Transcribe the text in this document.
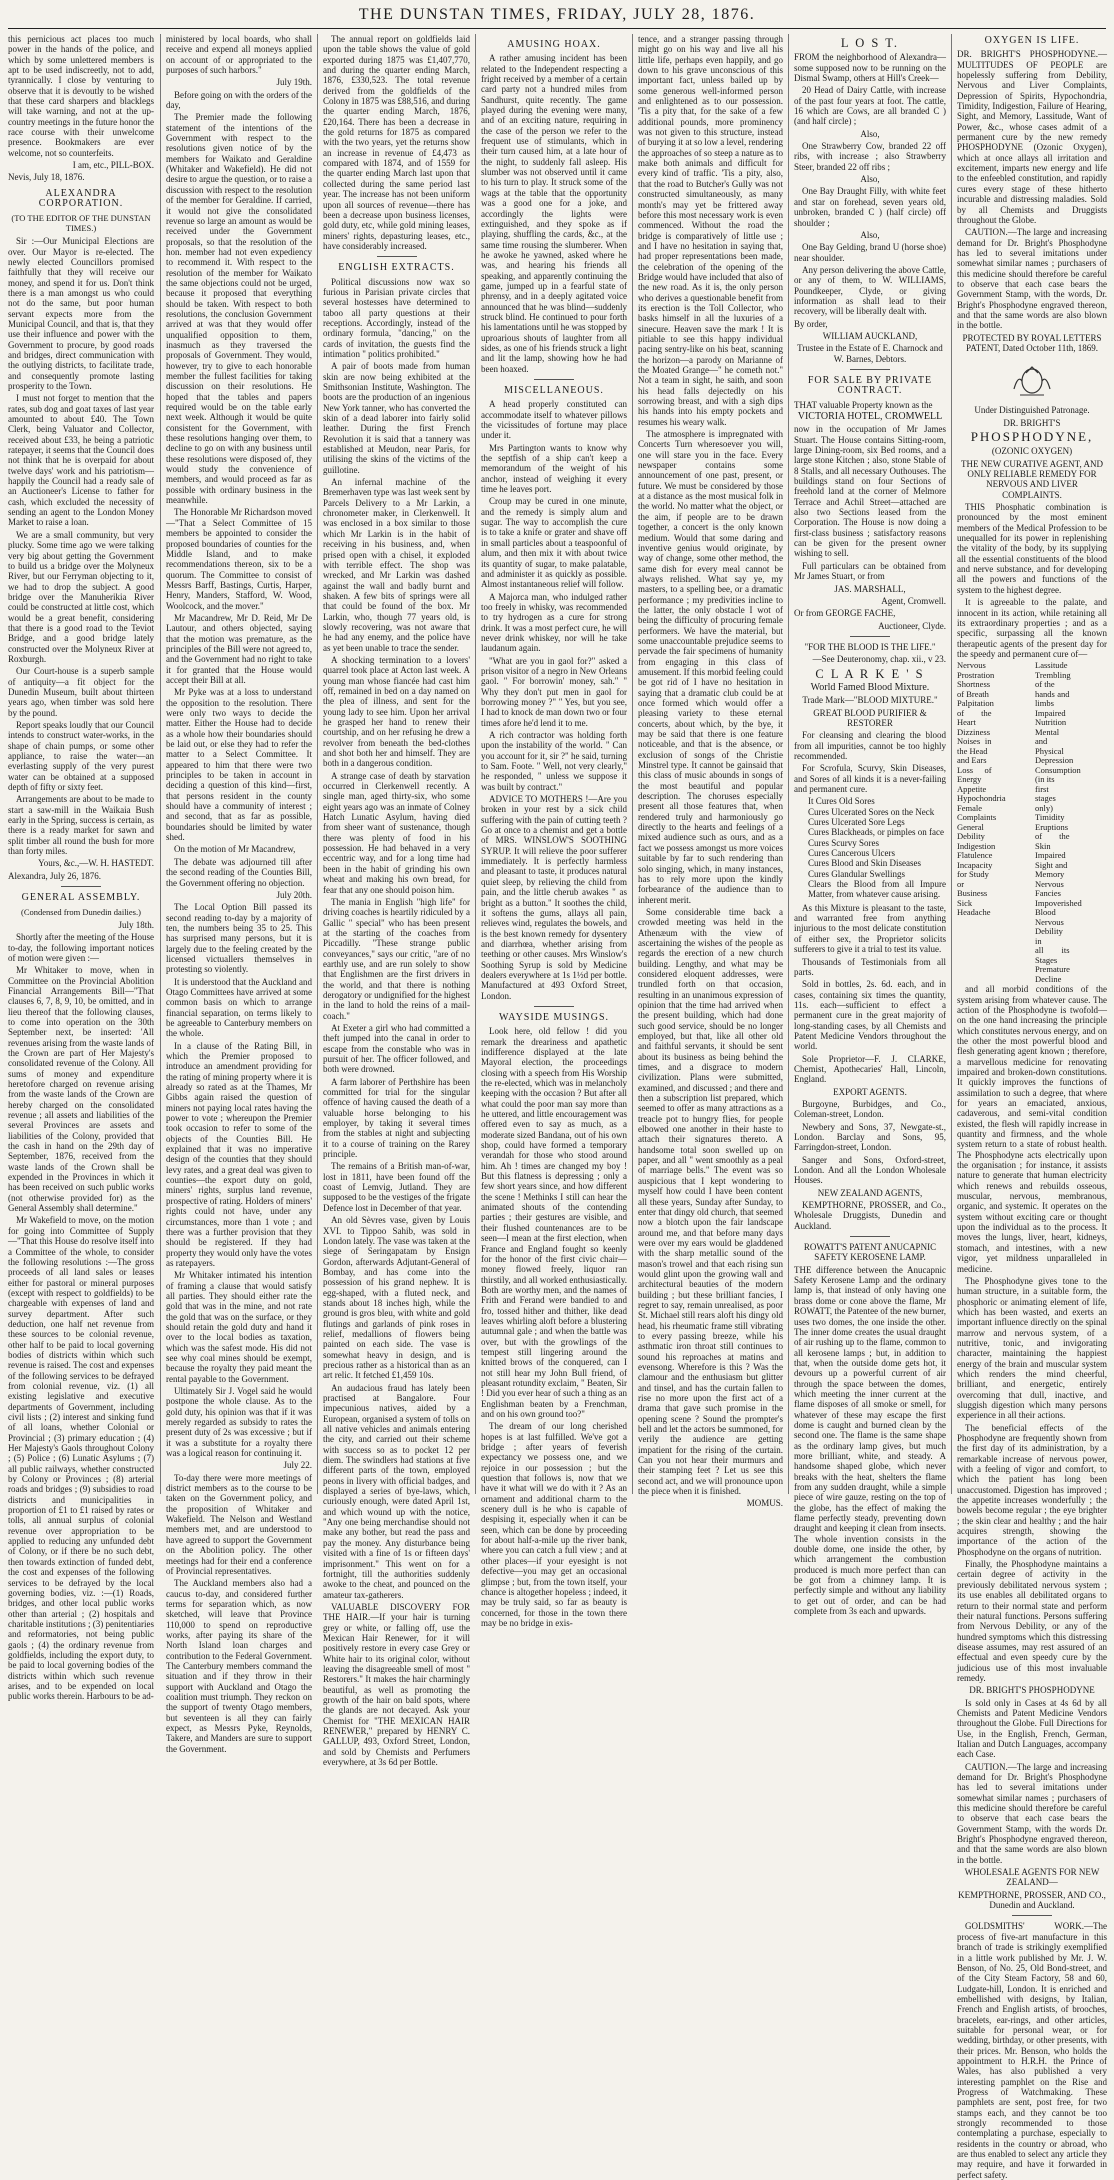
THE DUNSTAN TIMES, FRIDAY, JULY 28, 1876.

this pernicious act places too much power in the hands of the police, and which by some unlettered members is apt to be used indiscreetly, not to add, tyrannically. I close by venturing to observe that it is devoutly to be wished that these card sharpers and blacklegs will take warning, and not at the up-country meetings in the future honor the race course with their unwelcome presence. Bookmakers are ever welcome, not so counterfeits.

I am, etc., PILL-BOX.

Nevis, July 18, 1876.

ALEXANDRA CORPORATION.
(TO THE EDITOR OF THE DUNSTAN TIMES.)

Sir :—Our Municipal Elections are over. Our Mayor is re-elected. The newly elected Councillors promised faithfully that they will receive our money, and spend it for us. Don't think there is a man amongst us who could not do the same, but poor human servant expects more from the Municipal Council, and that is, that they use their influence and power with the Government to procure, by good roads and bridges, direct communication with the outlying districts, to facilitate trade, and consequently promote lasting prosperity to the Town.

I must not forget to mention that the rates, sub dog and goat taxes of last year amounted to about £40. The Town Clerk, being Valuator and Collector, received about £33, he being a patriotic ratepayer, it seems that the Council does not think that he is overpaid for about twelve days' work and his patriotism—happily the Council had a ready sale of an Auctioneer's License to father for cash, which excluded the necessity of sending an agent to the London Money Market to raise a loan.

We are a small community, but very plucky. Some time ago we were talking very big about getting the Government to build us a bridge over the Molyneux River, but our Ferryman objecting to it, we had to drop the subject. A good bridge over the Manuherikia River could be constructed at little cost, which would be a great benefit, considering that there is a good road to the Teviot Bridge, and a good bridge lately constructed over the Molyneux River at Roxburgh.

Our Court-house is a superb sample of antiquity—a fit object for the Dunedin Museum, built about thirteen years ago, when timber was sold here by the pound.

Report speaks loudly that our Council intends to construct water-works, in the shape of chain pumps, or some other appliance, to raise the water—an everlasting supply of the very purest water can be obtained at a supposed depth of fifty or sixty feet.

Arrangements are about to be made to start a saw-mill in the Waikaia Bush early in the Spring, success is certain, as there is a ready market for sawn and split timber all round the bush for more than forty miles.

Yours, &c.,—W. H. HASTEDT.

Alexandra, July 26, 1876.

GENERAL ASSEMBLY.
(Condensed from Dunedin dailies.)

July 18th.

Shortly after the meeting of the House to-day, the following important notices of motion were given :—

Mr Whitaker to move, when in Committee on the Provincial Abolition Financial Arrangements Bill—"That clauses 6, 7, 8, 9, 10, be omitted, and in lieu thereof that the following clauses, to come into operation on the 30th September next, be inserted: 'All revenues arising from the waste lands of the Crown are part of Her Majesty's consolidated revenue of the Colony. All sums of money and expenditure heretofore charged on revenue arising from the waste lands of the Crown are hereby charged on the consolidated revenue ; all assets and liabilities of the several Provinces are assets and liabilities of the Colony, provided that the cash in hand on the 29th day of September, 1876, received from the waste lands of the Crown shall be expended in the Provinces in which it has been received on such public works (not otherwise provided for) as the General Assembly shall determine."

Mr Wakefield to move, on the motion for going into Committee of Supply—"That this House do resolve itself into a Committee of the whole, to consider the following resolutions :—The gross proceeds of all land sales or leases either for pastoral or mineral purposes (except with respect to goldfields) to be chargeable with expenses of land and survey department. After such deduction, one half net revenue from these sources to be colonial revenue, other half to be paid to local governing bodies of districts within which such revenue is raised. The cost and expenses of the following services to be defrayed from colonial revenue, viz. (1) all existing legislative and executive departments of Government, including civil lists ; (2) interest and sinking fund of all loans, whether Colonial or Provincial ; (3) primary education ; (4) Her Majesty's Gaols throughout Colony ; (5) Police ; (6) Lunatic Asylums ; (7) all public railways, whether constructed by Colony or Provinces ; (8) arterial roads and bridges ; (9) subsidies to road districts and municipalities in proportion of £1 to £1 raised by rates or tolls, all annual surplus of colonial revenue over appropriation to be applied to reducing any unfunded debt of Colony, or if there be no such debt, then towards extinction of funded debt, the cost and expenses of the following services to be defrayed by the local governing bodies, viz. :—(1) Roads, bridges, and other local public works other than arterial ; (2) hospitals and charitable institutions ; (3) penitentiaries and reformatories, not being public gaols ; (4) the ordinary revenue from goldfields, including the export duty, to be paid to local governing bodies of the districts within which such revenue arises, and to be expended on local public works therein. Harbours to be ad-

ministered by local boards, who shall receive and expend all moneys applied on account of or appropriated to the purposes of such harbors."

July 19th.

Before going on with the orders of the day,

The Premier made the following statement of the intentions of the Government with respect to the resolutions given notice of by the members for Waikato and Geraldine (Whitaker and Wakefield). He did not desire to argue the question, or to raise a discussion with respect to the resolution of the member for Geraldine. If carried, it would not give the consolidated revenue so large an amount as would be received under the Government proposals, so that the resolution of the hon. member had not even expediency to recommend it. With respect to the resolution of the member for Waikato the same objections could not be urged, because it proposed that everything should be taken. With respect to both resolutions, the conclusion Government arrived at was that they would offer unqualified opposition to them, inasmuch as they traversed the proposals of Government. They would, however, try to give to each honorable member the fullest facilities for taking discussion on their resolutions. He hoped that the tables and papers required would be on the table early next week. Although it would be quite consistent for the Government, with these resolutions hanging over them, to decline to go on with any business until these resolutions were disposed of, they would study the convenience of members, and would proceed as far as possible with ordinary business in the meanwhile.

The Honorable Mr Richardson moved—"That a Select Committee of 15 members be appointed to consider the proposed boundaries of counties for the Middle Island, and to make recommendations thereon, six to be a quorum. The Committee to consist of Messrs Barff, Bastings, Curtis, Harper, Henry, Manders, Stafford, W. Wood, Woolcock, and the mover."

Mr Macandrew, Mr D. Reid, Mr De Lautour, and others objected, saying that the motion was premature, as the principles of the Bill were not agreed to, and the Government had no right to take it for granted that the House would accept their Bill at all.

Mr Pyke was at a loss to understand the opposition to the resolution. There were only two ways to decide the matter. Either the House had to decide as a whole how their boundaries should be laid out, or else they had to refer the matter to a Select Committee. It appeared to him that there were two principles to be taken in account in deciding a question of this kind—first, that persons resident in the county should have a community of interest ; and second, that as far as possible, boundaries should be limited by water shed.

On the motion of Mr Macandrew,

The debate was adjourned till after the second reading of the Counties Bill, the Government offering no objection.

July 20th.

The Local Option Bill passed its second reading to-day by a majority of ten, the numbers being 35 to 25. This has surprised many persons, but it is largely due to the feeling created by the licensed victuallers themselves in protesting so violently.

It is understood that the Auckland and Otago Committees have arrived at some common basis on which to arrange financial separation, on terms likely to be agreeable to Canterbury members on the whole.

In a clause of the Rating Bill, in which the Premier proposed to introduce an amendment providing for the rating of mining property where it is already so rated as at the Thames, Mr Gibbs again raised the question of miners not paying local rates having the power to vote ; whereupon the Premier took occasion to refer to some of the objects of the Counties Bill. He explained that it was no imperative design of the counties that they should levy rates, and a great deal was given to counties—the export duty on gold, miners' rights, surplus land revenue, prospective of rating. Holders of miners' rights could not have, under any circumstances, more than 1 vote ; and there was a further provision that they should be registered. If they had property they would only have the votes as ratepayers.

Mr Whitaker intimated his intention of framing a clause that would satisfy all parties. They should either rate the gold that was in the mine, and not rate the gold that was on the surface, or they should retain the gold duty and hand it over to the local bodies as taxation, which was the safest mode. His did not see why coal mines should be exempt, because the royalty they paid meant the rental payable to the Government.

Ultimately Sir J. Vogel said he would postpone the whole clause. As to the gold duty, his opinion was that if it was merely regarded as subsidy to rates the present duty of 2s was excessive ; but if it was a substitute for a royalty there was a logical reason for continuing it.

July 22.

To-day there were more meetings of district members as to the course to be taken on the Government policy, and the proposition of Whitaker and Wakefield. The Nelson and Westland members met, and are understood to have agreed to support the Government on the Abolition policy. The other meetings had for their end a conference of Provincial representatives.

The Auckland members also had a caucus to-day, and considered further terms for separation which, as now sketched, will leave that Province 110,000 to spend on reproductive works, after paying its share of the North Island loan charges and contribution to the Federal Government. The Canterbury members command the situation and if they throw in their support with Auckland and Otago the coalition must triumph. They reckon on the support of twenty Otago members, but seventeen is all they can fairly expect, as Messrs Pyke, Reynolds, Takere, and Manders are sure to support the Government.

The annual report on goldfields laid upon the table shows the value of gold exported during 1875 was £1,407,770, and during the quarter ending March, 1876, £330,523. The total revenue derived from the goldfields of the Colony in 1875 was £88,516, and during the quarter ending March, 1876, £20,164. There has been a decrease in the gold returns for 1875 as compared with the two years, yet the returns show an increase in revenue of £4,473 as compared with 1874, and of 1559 for the quarter ending March last upon that collected during the same period last year. The increase has not been uniform upon all sources of revenue—there has been a decrease upon business licenses, gold duty, etc, while gold mining leases, miners' rights, depasturing leases, etc., have considerably increased.

ENGLISH EXTRACTS.

Political discussions now wax so furious in Parisian private circles that several hostesses have determined to taboo all party questions at their receptions. Accordingly, instead of the ordinary formula, "dancing," on the cards of invitation, the guests find the intimation " politics prohibited."

A pair of boots made from human skin are now being exhibited at the Smithsonian Institute, Washington. The boots are the production of an ingenious New York tanner, who has converted the skin of a dead laborer into fairly solid leather. During the first French Revolution it is said that a tannery was established at Meudon, near Paris, for utilising the skins of the victims of the guillotine.

An infernal machine of the Bremerhaven type was last week sent by Parcels Delivery to a Mr Larkin, a chronometer maker, in Clerkenwell. It was enclosed in a box similar to those which Mr Larkin is in the habit of receiving in his business, and, when prised open with a chisel, it exploded with terrible effect. The shop was wrecked, and Mr Larkin was dashed against the wall and badly burnt and shaken. A few bits of springs were all that could be found of the box. Mr Larkin, who, though 77 years old, is slowly recovering, was not aware that he had any enemy, and the police have as yet been unable to trace the sender.

A shocking termination to a lovers' quarrel took place at Acton last week. A young man whose fiancée had cast him off, remained in bed on a day named on the plea of illness, and sent for the young lady to see him. Upon her arrival he grasped her hand to renew their courtship, and on her refusing he drew a revolver from beneath the bed-clothes and shot both her and himself. They are both in a dangerous condition.

A strange case of death by starvation occurred in Clerkenwell recently. A single man, aged thirty-six, who some eight years ago was an inmate of Colney Hatch Lunatic Asylum, having died from sheer want of sustenance, though there was plenty of food in his possession. He had behaved in a very eccentric way, and for a long time had been in the habit of grinding his own wheat and making his own bread, for fear that any one should poison him.

The mania in English "high life" for driving coaches is heartily ridiculed by a Gallic " special" who has been present at the starting of the coaches from Piccadilly. "These strange public conveyances," says our critic, "are of no earthly use, and are run solely to show that Englishmen are the first drivers in the world, and that there is nothing derogatory or undignified for the highest in the land to hold the reins of a mail-coach."

At Exeter a girl who had committed a theft jumped into the canal in order to escape from the constable who was in pursuit of her. The officer followed, and both were drowned.

A farm laborer of Perthshire has been committed for trial for the singular offence of having caused the death of a valuable horse belonging to his employer, by taking it several times from the stables at night and subjecting it to a course of training on the Rarey principle.

The remains of a British man-of-war, lost in 1811, have been found off the coast of Lemvig, Jutland. They are supposed to be the vestiges of the frigate Defence lost in December of that year.

An old Sèvres vase, given by Louis XVI. to Tippoo Sahib, was sold in London lately. The vase was taken at the siege of Seringapatam by Ensign Gordon, afterwards Adjutant-General of Bombay, and has come into the possession of his grand nephew. It is egg-shaped, with a fluted neck, and stands about 18 inches high, while the ground is gros bleu, with white and gold flutings and garlands of pink roses in relief, medallions of flowers being painted on each side. The vase is somewhat heavy in design, and is precious rather as a historical than as an art relic. It fetched £1,459 10s.

An audacious fraud has lately been practised at Bangalore. Four impecunious natives, aided by a European, organised a system of tolls on all native vehicles and animals entering the city, and carried out their scheme with success so as to pocket 12 per diem. The swindlers had stations at five different parts of the town, employed peons in livery with official badges, and displayed a series of bye-laws, which, curiously enough, were dated April 1st, and which wound up with the notice, "Any one being merchandise should not make any bother, but read the pass and pay the money. Any disturbance being visited with a fine of 1s or fifteen days' imprisonment." This went on for a fortnight, till the authorities suddenly awoke to the cheat, and pounced on the amateur tax-gatherers.

VALUABLE DISCOVERY FOR THE HAIR.—If your hair is turning grey or white, or falling off, use the Mexican Hair Renewer, for it will positively restore in every case Grey or White hair to its original color, without leaving the disagreeable smell of most " Restorers." It makes the hair charmingly beautiful, as well as promoting the growth of the hair on bald spots, where the glands are not decayed. Ask your Chemist for "THE MEXICAN HAIR RENEWER," prepared by HENRY C. GALLUP, 493, Oxford Street, London, and sold by Chemists and Perfumers everywhere, at 3s 6d per Bottle.

AMUSING HOAX.

A rather amusing incident has been related to the Independent respecting a fright received by a member of a certain card party not a hundred miles from Sandhurst, quite recently. The game played during the evening were many, and of an exciting nature, requiring in the case of the person we refer to the frequent use of stimulants, which in their turn caused him, at a late hour of the night, to suddenly fall asleep. His slumber was not observed until it came to his turn to play. It struck some of the wags at the table that the opportunity was a good one for a joke, and accordingly the lights were extinguished, and they spoke as if playing, shuffling the cards, &c., at the same time rousing the slumberer. When he awoke he yawned, asked where he was, and hearing his friends all speaking, and apparently continuing the game, jumped up in a fearful state of phrensy, and in a deeply agitated voice announced that he was blind—suddenly struck blind. He continued to pour forth his lamentations until he was stopped by uproarious shouts of laughter from all sides, as one of his friends struck a light and lit the lamp, showing how he had been hoaxed.

MISCELLANEOUS.

A head properly constituted can accommodate itself to whatever pillows the vicissitudes of fortune may place under it.

Mrs Partington wants to know why the septfish of a ship can't keep a memorandum of the weight of his anchor, instead of weighing it every time he leaves port.

Croup may be cured in one minute, and the remedy is simply alum and sugar. The way to accomplish the cure is to take a knife or grater and shave off in small particles about a teaspoonful of alum, and then mix it with about twice its quantity of sugar, to make palatable, and administer it as quickly as possible. Almost instantaneous relief will follow.

A Majorca man, who indulged rather too freely in whisky, was recommended to try hydrogen as a cure for strong drink. It was a most perfect cure, he will never drink whiskey, nor will he take laudanum again.

"What are you in gaol for?" asked a prison visitor of a negro in New Orleans gaol. " For borrowin' money, sah." " Why they don't put men in gaol for borrowing money ?" " Yes, but you see, I had to knock de man down two or four times afore he'd lend it to me.

A rich contractor was holding forth upon the instability of the world. " Can you account for it, sir ?" he said, turning to Sam. Foote. " Well, not very clearly," he responded, " unless we suppose it was built by contract."

ADVICE TO MOTHERS !—Are you broken in your rest by a sick child suffering with the pain of cutting teeth ? Go at once to a chemist and get a bottle of MRS. WINSLOW'S SOOTHING SYRUP. It will relieve the poor sufferer immediately. It is perfectly harmless and pleasant to taste, it produces natural quiet sleep, by relieving the child from pain, and the little cherub awakes " as bright as a button." It soothes the child, it softens the gums, allays all pain, relieves wind, regulates the bowels, and is the best known remedy for dysentery and diarrhœa, whether arising from teething or other causes. Mrs Winslow's Soothing Syrup is sold by Medicine dealers everywhere at 1s 1½d per bottle. Manufactured at 493 Oxford Street, London.

WAYSIDE MUSINGS.

Look here, old fellow ! did you remark the dreariness and apathetic indifference displayed at the late Mayoral election, the proceedings closing with a speech from His Worship the re-elected, which was in melancholy keeping with the occasion ? But after all what could the poor man say more than he uttered, and little encouragement was offered even to say as much, as a moderate sized Bandana, out of his own shop, could have formed a temporary verandah for those who stood around him. Ah ! times are changed my boy ! But this flatness is depressing ; only a few short years since, and how different the scene ! Methinks I still can hear the animated shouts of the contending parties ; their gestures are visible, and their flushed countenances are to be seen—I mean at the first election, when France and England fought so keenly for the honor of the first civic chair—money flowed freely, liquor ran thirstily, and all worked enthusiastically. Both are worthy men, and the names of Frith and Ferand were bandied to and fro, tossed hither and thither, like dead leaves whirling aloft before a blustering autumnal gale ; and when the battle was over, but with the growlings of the tempest still lingering around the knitted brows of the conquered, can I not still hear my John Bull friend, of pleasant rotundity exclaim, " Beaten, Sir ! Did you ever hear of such a thing as an Englishman beaten by a Frenchman, and on his own ground too?"

The dream of our long cherished hopes is at last fulfilled. We've got a bridge ; after years of feverish expectancy we possess one, and we rejoice in our possession ; but the question that follows is, now that we have it what will we do with it ? As an ornament and additional charm to the scenery dull is he who is capable of despising it, especially when it can be seen, which can be done by proceeding for about half-a-mile up the river bank, where you can catch a full view ; and at other places—if your eyesight is not defective—you may get an occasional glimpse ; but, from the town itself, your chance is altogether hopeless ; indeed, it may be truly said, so far as beauty is concerned, for those in the town there may be no bridge in exis-

tence, and a stranger passing through might go on his way and live all his little life, perhaps even happily, and go down to his grave unconscious of this important fact, unless bailed up by some generous well-informed person and enlightened as to our possession. 'Tis a pity that, for the sake of a few additional pounds, more prominency was not given to this structure, instead of burying it at so low a level, rendering the approaches of so steep a nature as to make both animals and difficult for every kind of traffic. 'Tis a pity, also, that the road to Butcher's Gully was not constructed simultaneously, as many month's may yet be frittered away before this most necessary work is even commenced. Without the road the bridge is comparatively of little use ; and I have no hesitation in saying that, had proper representations been made, the celebration of the opening of the Bridge would have included that also of the new road. As it is, the only person who derives a questionable benefit from its erection is the Toll Collector, who basks himself in all the luxuries of a sinecure. Heaven save the mark ! It is pitiable to see this happy individual pacing sentry-like on his beat, scanning the horizon—a parody on Marianne of the Moated Grange—" he cometh not." Not a team in sight, he saith, and soon his head falls dejectedly on his sorrowing breast, and with a sigh dips his hands into his empty pockets and resumes his weary walk.

The atmosphere is impregnated with Concerts Turn wheresoever you will, one will stare you in the face. Every newspaper contains some announcement of one past, present, or future. We must be considered by those at a distance as the most musical folk in the world. No matter what the object, or the aim, if people are to be drawn together, a concert is the only known medium. Would that some daring and inventive genius would originate, by way of change, some other method, the same dish for every meal cannot be always relished. What say ye, my masters, to a spelling bee, or a dramatic performance ; my predivities incline to the latter, the only obstacle I wot of being the difficulty of procuring female performers. We have the material, but some unaccountable prejudice seems to pervade the fair specimens of humanity from engaging in this class of amusement. If this morbid feeling could be got rid of I have no hesitation in saying that a dramatic club could be at once formed which would offer a pleasing variety to these eternal concerts, about which, by the bye, it may be said that there is one feature noticeable, and that is the absence, or exclusion of songs of the Christie Minstrel type. It cannot be gainsaid that this class of music abounds in songs of the most beautiful and popular description. The choruses especially present all those features that, when rendered truly and harmoniously go directly to the hearts and feelings of a mixed audience such as ours, and as a fact we possess amongst us more voices suitable by far to such rendering than solo singing, which, in many instances, has to rely more upon the kindly forbearance of the audience than to inherent merit.

Some considerable time back a crowded meeting was held in the Athenæum with the view of ascertaining the wishes of the people as regards the erection of a new church building. Lengthy, and what may be considered eloquent addresses, were trundled forth on that occasion, resulting in an unanimous expression of opinion that the time had arrived when the present building, which had done such good service, should be no longer employed, but that, like all other old and faithful servants, it should be sent about its business as being behind the times, and a disgrace to modern civilization. Plans were submitted, examined, and discussed ; and there and then a subscription list prepared, which seemed to offer as many attractions as a treacle pot to hungry flies, for people elbowed one another in their haste to attach their signatures thereto. A handsome total soon swelled up on paper, and all " went smoothly as a peal of marriage bells." The event was so auspicious that I kept wondering to myself how could I have been content all these years, Sunday after Sunday, to enter that dingy old church, that seemed now a blotch upon the fair landscape around me, and that before many days were over my ears would be gladdened with the sharp metallic sound of the mason's trowel and that each rising sun would glint upon the growing wall and architectural beauties of the modern building ; but these brilliant fancies, I regret to say, remain unrealised, as poor St. Michael still rears aloft his dingy old head, his rheumatic frame still vibrating to every passing breeze, while his asthmatic iron throat still continues to sound his reproaches at matins and evensong. Wherefore is this ? Was the clamour and the enthusiasm but glitter and tinsel, and has the curtain fallen to rise no more upon the first act of a drama that gave such promise in the opening scene ? Sound the prompter's bell and let the actors be summoned, for verily the audience are getting impatient for the rising of the curtain. Can you not hear their murmurs and their stamping feet ? Let us see this second act, and we will pronounce upon the piece when it is finished.

MOMUS.

L O S T.

FROM the neighborhood of Alexandra—some supposed now to be running on the Dismal Swamp, others at Hill's Creek—

20 Head of Dairy Cattle, with increase of the past four years at foot. The cattle, 16 which are Cows, are all branded C ) (and half circle) ;

Also,

One Strawberry Cow, branded 22 off ribs, with increase ; also Strawberry Steer, branded 22 off ribs ;

Also,

One Bay Draught Filly, with white feet and star on forehead, seven years old, unbroken, branded C ) (half circle) off shoulder ;

Also,

One Bay Gelding, brand U (horse shoe) near shoulder.

Any person delivering the above Cattle, or any of them, to W. WILLIAMS, Poundkeeper, Clyde, or giving information as shall lead to their recovery, will be liberally dealt with.

By order,

WILLIAM AUCKLAND,

Trustee in the Estate of E. Charnock and W. Barnes, Debtors.

FOR SALE BY PRIVATE CONTRACT.

THAT valuable Property known as the

VICTORIA HOTEL, CROMWELL

now in the occupation of Mr James Stuart. The House contains Sitting-room, large Dining-room, six Bed rooms, and a large stone Kitchen ; also, stone Stable of 8 Stalls, and all necessary Outhouses. The buildings stand on four Sections of freehold land at the corner of Melmore Terrace and Achil Street—attached are also two Sections leased from the Corporation. The House is now doing a first-class business ; satisfactory reasons can be given for the present owner wishing to sell.

Full particulars can be obtained from Mr James Stuart, or from

JAS. MARSHALL,

Agent, Cromwell.

Or from GEORGE FACHE,

Auctioneer, Clyde.

"FOR THE BLOOD IS THE LIFE."

—See Deuteronomy, chap. xii., v 23.

C L A R K E ' S

World Famed Blood Mixture.

Trade Mark—"BLOOD MIXTURE."

GREAT BLOOD PURIFIER & RESTORER

For cleansing and clearing the blood from all impurities, cannot be too highly recommended.

For Scrofula, Scurvy, Skin Diseases, and Sores of all kinds it is a never-failing and permanent cure.

It Cures Old Sores
Cures Ulcerated Sores on the Neck
Cures Ulcerated Sore Legs
Cures Blackheads, or pimples on face
Cures Scurvy Sores
Cures Cancerous Ulcers
Cures Blood and Skin Diseases
Cures Glandular Swellings
Clears the Blood from all Impure Matter, from whatever cause arising.

As this Mixture is pleasant to the taste, and warranted free from anything injurious to the most delicate constitution of either sex, the Proprietor solicits sufferers to give it a trial to test its value.

Thousands of Testimonials from all parts.

Sold in bottles, 2s. 6d. each, and in cases, containing six times the quantity, 11s. each—sufficient to effect a permanent cure in the great majority of long-standing cases, by all Chemists and Patent Medicine Vendors throughout the world.

Sole Proprietor—F. J. CLARKE, Chemist, Apothecaries' Hall, Lincoln, England.

EXPORT AGENTS.

Burgoyne, Burbidges, and Co., Coleman-street, London.

Newbery and Sons, 37, Newgate-st., London. Barclay and Sons, 95, Farringdon-street, London.

Sanger and Sons, Oxford-street, London. And all the London Wholesale Houses.

NEW ZEALAND AGENTS,

KEMPTHORNE, PROSSER, and Co., Wholesale Druggists, Dunedin and Auckland.

ROWATT'S PATENT ANUCAPNIC SAFETY KEROSENE LAMP.

THE difference between the Anucapnic Safety Kerosene Lamp and the ordinary lamp is, that instead of only having one brass dome or cone above the flame, Mr ROWATT, the Patentee of the new burner, uses two domes, the one inside the other. The inner dome creates the usual draught of air rushing up to the flame, common to all kerosene lamps ; but, in addition to that, when the outside dome gets hot, it devours up a powerful current of air through the space between the domes, which meeting the inner current at the flame disposes of all smoke or smell, for whatever of these may escape the first dome is caught and burned clean by the second one. The flame is the same shape as the ordinary lamp gives, but much more brilliant, white, and steady. A handsome shaped globe, which never breaks with the heat, shelters the flame from any sudden draught, while a simple piece of wire gauze, resting on the top of the globe, has the effect of making the flame perfectly steady, preventing down draught and keeping it clean from insects. The whole invention consists in the double dome, one inside the other, by which arrangement the combustion produced is much more perfect than can be got from a chimney lamp. It is perfectly simple and without any liability to get out of order, and can be had complete from 3s each and upwards.

OXYGEN IS LIFE.

DR. BRIGHT'S PHOSPHODYNE.—MULTITUDES OF PEOPLE are hopelessly suffering from Debility, Nervous and Liver Complaints, Depression of Spirits, Hypochondria, Timidity, Indigestion, Failure of Hearing, Sight, and Memory, Lassitude, Want of Power, &c., whose cases admit of a permanent cure by the new remedy PHOSPHODYNE (Ozonic Oxygen), which at once allays all irritation and excitement, imparts new energy and life to the enfeebled constitution, and rapidly cures every stage of these hitherto incurable and distressing maladies. Sold by all Chemists and Druggists throughout the Globe.

CAUTION.—The large and increasing demand for Dr. Bright's Phosphodyne has led to several imitations under somewhat similar names ; purchasers of this medicine should therefore be careful to observe that each case bears the Government Stamp, with the words, Dr. Bright's Phosphodyne engraved thereon, and that the same words are also blown in the bottle.

PROTECTED BY ROYAL LETTERS PATENT, Dated October 11th, 1869.

Under Distinguished Patronage.

DR. BRIGHT'S

PHOSPHODYNE,

(OZONIC OXYGEN)

THE NEW CURATIVE AGENT, AND ONLY RELIABLE REMEDY FOR NERVOUS AND LIVER COMPLAINTS.

THIS Phosphatic combination is pronounced by the most eminent members of the Medical Profession to be unequalled for its power in replenishing the vitality of the body, by its supplying all the essential constituents of the blood and nerve substance, and for developing all the powers and functions of the system to the highest degree.

It is agreeable to the palate, and innocent in its action, while retaining all its extraordinary properties ; and as a specific, surpassing all the known therapeutic agents of the present day for the speedy and permanent cure of—

Nervous Prostration
Shortness of Breath
Palpitation of the Heart
Dizziness
Noises in the Head
and Ears
Loss of Energy
Appetite
Hypochondria
Female Complaints
General Debility
Indigestion
Flatulence
Incapacity for Study
or Business
Sick Headache
Lassitude
Trembling of the
hands and limbs
Impaired Nutrition
Mental and Physical
Depression
Consumption (in its
first stages only)
Timidity
Eruptions of the Skin
Impaired Sight and
Memory
Nervous Fancies
Impoverished Blood
Nervous Debility in
all its Stages
Premature Decline

and all morbid conditions of the system arising from whatever cause. The action of the Phosphodyne is twofold—on the one hand increasing the principle which constitutes nervous energy, and on the other the most powerful blood and flesh generating agent known ; therefore, a marvellous medicine for renovating impaired and broken-down constitutions. It quickly improves the functions of assimilation to such a degree, that where for years an emaciated, anxious, cadaverous, and semi-vital condition existed, the flesh will rapidly increase in quantity and firmness, and the whole system return to a state of robust health. The Phosphodyne acts electrically upon the organisation ; for instance, it assists nature to generate that human electricity which renews and rebuilds osseous, muscular, nervous, membranous, organic, and systemic. It operates on the system without exciting care or thought upon the individual as to the process. It moves the lungs, liver, heart, kidneys, stomach, and intestines, with a new vigor, yet mildness unparalleled in medicine.

The Phosphodyne gives tone to the human structure, in a suitable form, the phosphoric or animating element of life, which has been wasted, and exerts an important influence directly on the spinal marrow and nervous system, of a nutritive, tonic, and invigorating character, maintaining the happiest energy of the brain and muscular system which renders the mind cheerful, brilliant, and energetic, entirely overcoming that dull, inactive, and sluggish digestion which many persons experience in all their actions.

The beneficial effects of the Phosphodyne are frequently shown from the first day of its administration, by a remarkable increase of nervous power, with a feeling of vigor and comfort, to which the patient has long been unaccustomed. Digestion has improved ; the appetite increases wonderfully ; the bowels become regular ; the eye brighter ; the skin clear and healthy ; and the hair acquires strength, showing the importance of the action of the Phosphodyne on the organs of nutrition.

Finally, the Phosphodyne maintains a certain degree of activity in the previously debilitated nervous system ; its use enables all debilitated organs to return to their normal state and perform their natural functions. Persons suffering from Nervous Debility, or any of the hundred symptoms which this distressing disease assumes, may rest assured of an effectual and even speedy cure by the judicious use of this most invaluable remedy.

DR. BRIGHT'S PHOSPHODYNE

Is sold only in Cases at 4s 6d by all Chemists and Patent Medicine Vendors throughout the Globe. Full Directions for Use, in the English, French, German, Italian and Dutch Languages, accompany each Case.

CAUTION.—The large and increasing demand for Dr. Bright's Phosphodyne has led to several imitations under somewhat similar names ; purchasers of this medicine should therefore be careful to observe that each case bears the Government Stamp, with the words Dr. Bright's Phosphodyne engraved thereon, and that the same words are also blown in the bottle.

WHOLESALE AGENTS FOR NEW ZEALAND—

KEMPTHORNE, PROSSER, AND CO., Dunedin and Auckland.

GOLDSMITHS' WORK.—The process of five-art manufacture in this branch of trade is strikingly exemplified in a little work published by Mr. J. W. Benson, of No. 25, Old Bond-street, and of the City Steam Factory, 58 and 60, Ludgate-hill, London. It is enriched and embellished with designs, by Italian, French and English artists, of brooches, bracelets, ear-rings, and other articles, suitable for personal wear, or for wedding, birthday, or other presents, with their prices. Mr. Benson, who holds the appointment to H.R.H. the Prince of Wales, has also published a very interesting pamphlet on the Rise and Progress of Watchmaking. These pamphlets are sent, post free, for two stamps each, and they cannot be too strongly recommended to those contemplating a purchase, especially to residents in the country or abroad, who are thus enabled to select any article they may require, and have it forwarded in perfect safety.
